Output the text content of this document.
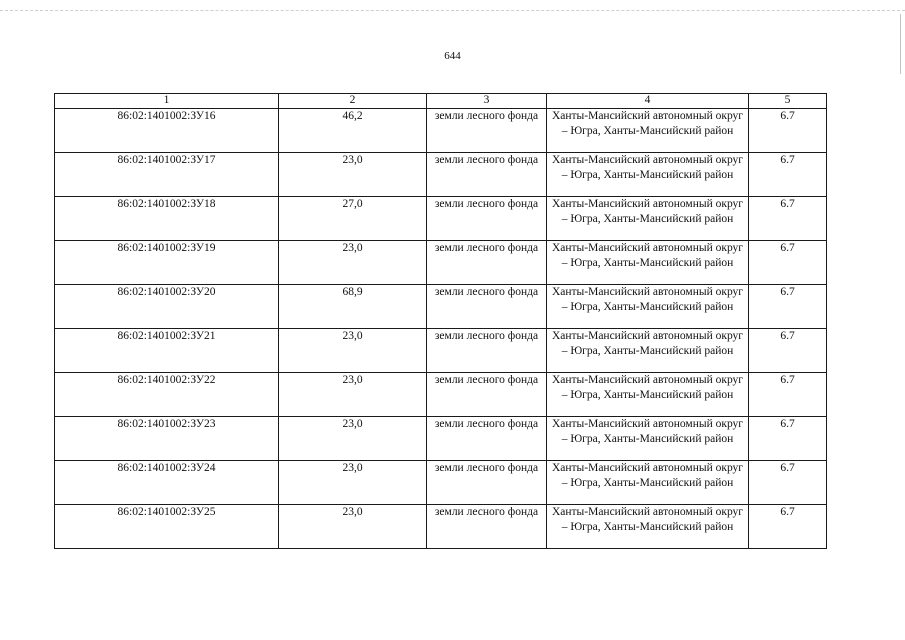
644
1	2	3	4	5
86:02:1401002:ЗУ16	46,2	земли лесного фонда	Ханты-Мансийский автономный округ – Югра, Ханты-Мансийский район	6.7
86:02:1401002:ЗУ17	23,0	земли лесного фонда	Ханты-Мансийский автономный округ – Югра, Ханты-Мансийский район	6.7
86:02:1401002:ЗУ18	27,0	земли лесного фонда	Ханты-Мансийский автономный округ – Югра, Ханты-Мансийский район	6.7
86:02:1401002:ЗУ19	23,0	земли лесного фонда	Ханты-Мансийский автономный округ – Югра, Ханты-Мансийский район	6.7
86:02:1401002:ЗУ20	68,9	земли лесного фонда	Ханты-Мансийский автономный округ – Югра, Ханты-Мансийский район	6.7
86:02:1401002:ЗУ21	23,0	земли лесного фонда	Ханты-Мансийский автономный округ – Югра, Ханты-Мансийский район	6.7
86:02:1401002:ЗУ22	23,0	земли лесного фонда	Ханты-Мансийский автономный округ – Югра, Ханты-Мансийский район	6.7
86:02:1401002:ЗУ23	23,0	земли лесного фонда	Ханты-Мансийский автономный округ – Югра, Ханты-Мансийский район	6.7
86:02:1401002:ЗУ24	23,0	земли лесного фонда	Ханты-Мансийский автономный округ – Югра, Ханты-Мансийский район	6.7
86:02:1401002:ЗУ25	23,0	земли лесного фонда	Ханты-Мансийский автономный округ – Югра, Ханты-Мансийский район	6.7
